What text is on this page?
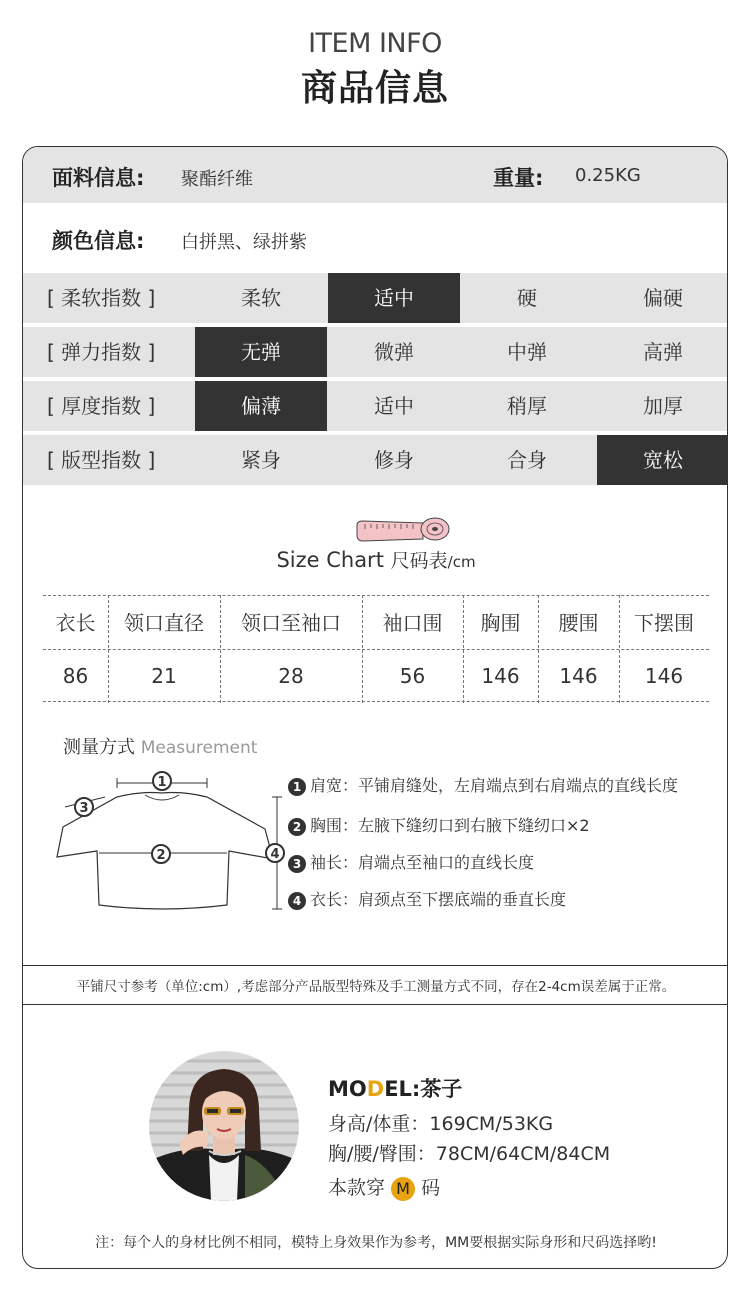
ITEM INFO
商品信息
面料信息: 聚酯纤维	重量: 0.25KG
颜色信息: 白拼黑、绿拼紫
[ 柔软指数 ]	柔软	适中	硬	偏硬
[ 弹力指数 ]	无弹	微弹	中弹	高弹
[ 厚度指数 ]	偏薄	适中	稍厚	加厚
[ 版型指数 ]	紧身	修身	合身	宽松
Size Chart 尺码表/cm
衣长	领口直径	领口至袖口	袖口围	胸围	腰围	下摆围
86	21	28	56	146	146	146
测量方式 Measurement
1
2
3
4
1 肩宽：平铺肩缝处，左肩端点到右肩端点的直线长度
2 胸围：左腋下缝纫口到右腋下缝纫口×2
3 袖长：肩端点至袖口的直线长度
4 衣长：肩颈点至下摆底端的垂直长度
平铺尺寸参考（单位:cm）,考虑部分产品版型特殊及手工测量方式不同，存在2-4cm误差属于正常。
MODEL:茶子
身高/体重：169CM/53KG
胸/腰/臀围：78CM/64CM/84CM
本款穿 M 码
注：每个人的身材比例不相同，模特上身效果作为参考，MM要根据实际身形和尺码选择哟!
